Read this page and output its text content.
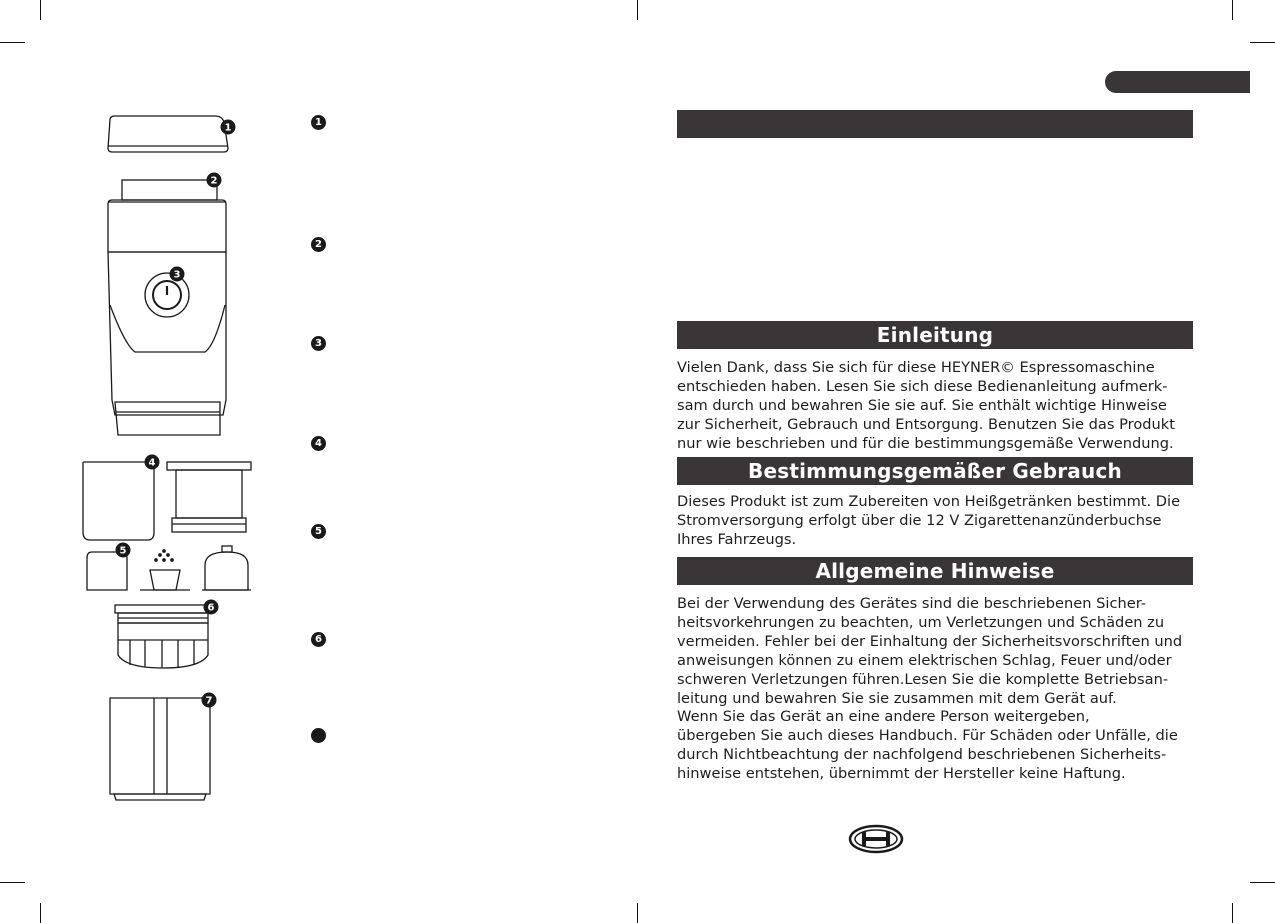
1
2
3
4
5
6
7
1
2
3
4
5
6
Einleitung
Vielen Dank, dass Sie sich für diese HEYNER© Espressomaschine
entschieden haben. Lesen Sie sich diese Bedienanleitung aufmerk-
sam durch und bewahren Sie sie auf. Sie enthält wichtige Hinweise
zur Sicherheit, Gebrauch und Entsorgung. Benutzen Sie das Produkt
nur wie beschrieben und für die bestimmungsgemäße Verwendung.
Bestimmungsgemäßer Gebrauch
Dieses Produkt ist zum Zubereiten von Heißgetränken bestimmt. Die
Stromversorgung erfolgt über die 12 V Zigarettenanzünderbuchse
Ihres Fahrzeugs.
Allgemeine Hinweise
Bei der Verwendung des Gerätes sind die beschriebenen Sicher-
heitsvorkehrungen zu beachten, um Verletzungen und Schäden zu
vermeiden. Fehler bei der Einhaltung der Sicherheitsvorschriften und
anweisungen können zu einem elektrischen Schlag, Feuer und/oder
schweren Verletzungen führen.Lesen Sie die komplette Betriebsan-
leitung und bewahren Sie sie zusammen mit dem Gerät auf.
Wenn Sie das Gerät an eine andere Person weitergeben,
übergeben Sie auch dieses Handbuch. Für Schäden oder Unfälle, die
durch Nichtbeachtung der nachfolgend beschriebenen Sicherheits-
hinweise entstehen, übernimmt der Hersteller keine Haftung.
